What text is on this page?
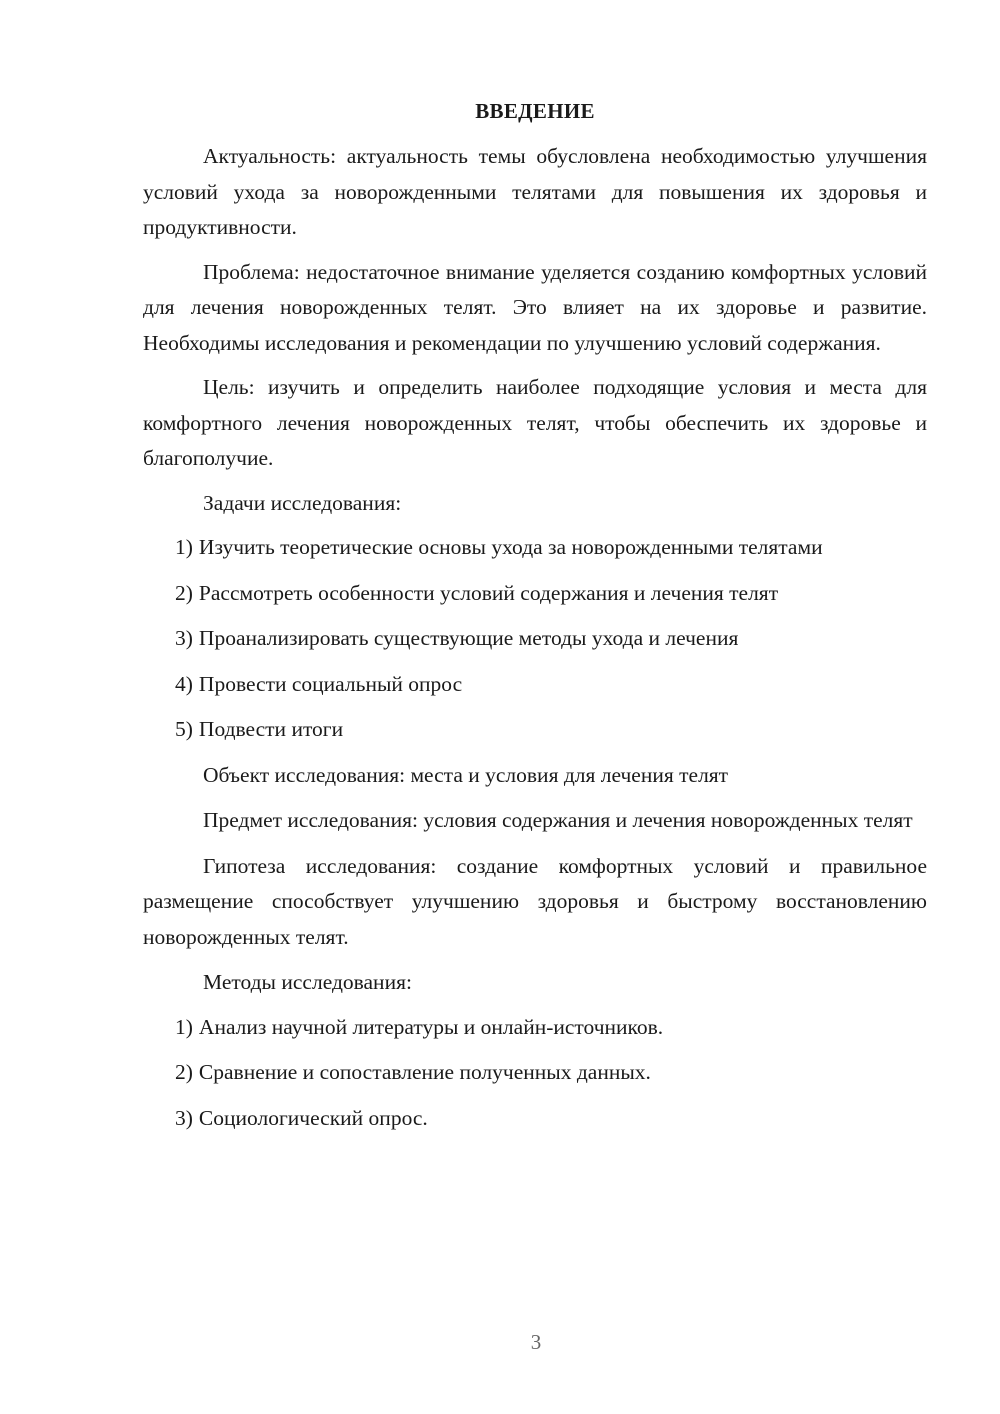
ВВЕДЕНИЕ

Актуальность: актуальность темы обусловлена необходимостью улучшения условий ухода за новорожденными телятами для повышения их здоровья и продуктивности.

Проблема: недостаточное внимание уделяется созданию комфортных условий для лечения новорожденных телят. Это влияет на их здоровье и развитие. Необходимы исследования и рекомендации по улучшению условий содержания.

Цель: изучить и определить наиболее подходящие условия и места для комфортного лечения новорожденных телят, чтобы обеспечить их здоровье и благополучие.

Задачи исследования:

1) Изучить теоретические основы ухода за новорожденными телятами
2) Рассмотреть особенности условий содержания и лечения телят
3) Проанализировать существующие методы ухода и лечения
4) Провести социальный опрос
5) Подвести итоги

Объект исследования: места и условия для лечения телят

Предмет исследования: условия содержания и лечения новорожденных телят

Гипотеза исследования: создание комфортных условий и правильное размещение способствует улучшению здоровья и быстрому восстановлению новорожденных телят.

Методы исследования:

1) Анализ научной литературы и онлайн-источников.
2) Сравнение и сопоставление полученных данных.
3) Социологический опрос.
3
